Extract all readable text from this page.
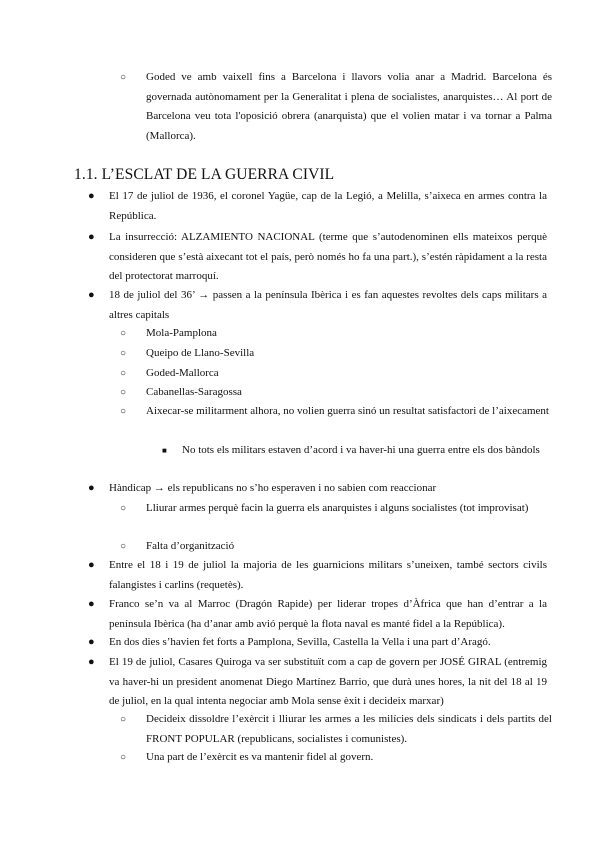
○ Goded ve amb vaixell fins a Barcelona i llavors volia anar a Madrid. Barcelona és governada autònomament per la Generalitat i plena de socialistes, anarquistes… Al port de Barcelona veu tota l'oposició obrera (anarquista) que el volien matar i va tornar a Palma (Mallorca).

1.1. L’ESCLAT DE LA GUERRA CIVIL
● El 17 de juliol de 1936, el coronel Yagüe, cap de la Legió, a Melilla, s’aixeca en armes contra la República.

● La insurrecció: ALZAMIENTO NACIONAL (terme que s’autodenominen ells mateixos perquè consideren que s’està aixecant tot el país, però només ho fa una part.), s’estén ràpidament a la resta del protectorat marroquí.

● 18 de juliol del 36’ → passen a la península Ibèrica i es fan aquestes revoltes dels caps militars a altres capitals

○ Mola-Pamplona

○ Queipo de Llano-Sevilla

○ Goded-Mallorca

○ Cabanellas-Saragossa

○ Aixecar-se militarment alhora, no volien guerra sinó un resultat satisfactori de l’aixecament

■ No tots els militars estaven d’acord i va haver-hi una guerra entre els dos bàndols

● Hàndicap → els republicans no s’ho esperaven i no sabien com reaccionar

○ Lliurar armes perquè facin la guerra els anarquistes i alguns socialistes (tot improvisat)

○ Falta d’organització

● Entre el 18 i 19 de juliol la majoria de les guarnicions militars s’uneixen, també sectors civils falangistes i carlins (requetès).

● Franco se’n va al Marroc (Dragón Rapide) per liderar tropes d’Àfrica que han d’entrar a la península Ibèrica (ha d’anar amb avió perquè la flota naval es manté fidel a la República).

● En dos dies s’havien fet forts a Pamplona, Sevilla, Castella la Vella i una part d’Aragó.

● El 19 de juliol, Casares Quiroga va ser substituït com a cap de govern per JOSÉ GIRAL (entremig va haver-hi un president anomenat Diego Martínez Barrio, que durà unes hores, la nit del 18 al 19 de juliol, en la qual intenta negociar amb Mola sense èxit i decideix marxar)

○ Decideix dissoldre l’exèrcit i lliurar les armes a les milícies dels sindicats i dels partits del FRONT POPULAR (republicans, socialistes i comunistes).

○ Una part de l’exèrcit es va mantenir fidel al govern.
